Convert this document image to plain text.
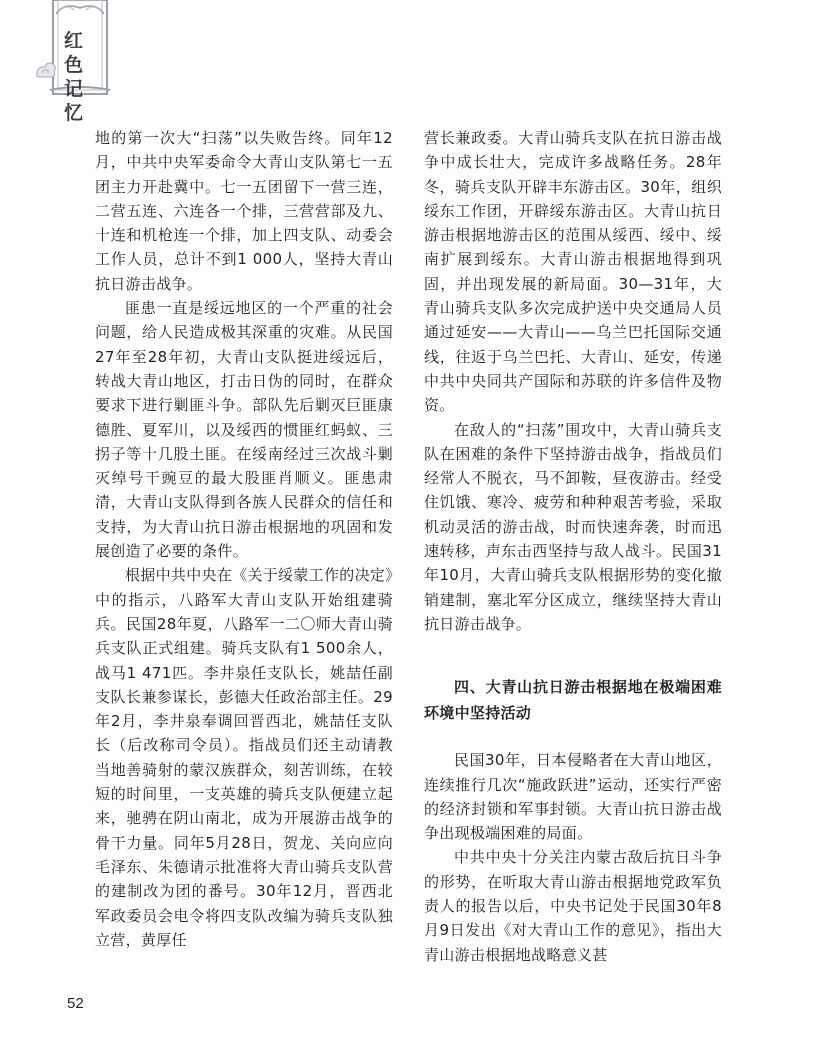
红色
记忆

地的第一次大“扫荡”以失败告终。同年12月，中共中央军委命令大青山支队第七一五团主力开赴冀中。七一五团留下一营三连，二营五连、六连各一个排，三营营部及九、十连和机枪连一个排，加上四支队、动委会工作人员，总计不到1 000人，坚持大青山抗日游击战争。

匪患一直是绥远地区的一个严重的社会问题，给人民造成极其深重的灾难。从民国27年至28年初，大青山支队挺进绥远后，转战大青山地区，打击日伪的同时，在群众要求下进行剿匪斗争。部队先后剿灭巨匪康德胜、夏军川，以及绥西的惯匪红蚂蚁、三拐子等十几股土匪。在绥南经过三次战斗剿灭绰号干豌豆的最大股匪肖顺义。匪患肃清，大青山支队得到各族人民群众的信任和支持，为大青山抗日游击根据地的巩固和发展创造了必要的条件。

根据中共中央在《关于绥蒙工作的决定》中的指示，八路军大青山支队开始组建骑兵。民国28年夏，八路军一二〇师大青山骑兵支队正式组建。骑兵支队有1 500余人，战马1 471匹。李井泉任支队长，姚喆任副支队长兼参谋长，彭德大任政治部主任。29年2月，李井泉奉调回晋西北，姚喆任支队长（后改称司令员）。指战员们还主动请教当地善骑射的蒙汉族群众，刻苦训练，在较短的时间里，一支英雄的骑兵支队便建立起来，驰骋在阴山南北，成为开展游击战争的骨干力量。同年5月28日，贺龙、关向应向毛泽东、朱德请示批准将大青山骑兵支队营的建制改为团的番号。30年12月，晋西北军政委员会电令将四支队改编为骑兵支队独立营，黄厚任

营长兼政委。大青山骑兵支队在抗日游击战争中成长壮大，完成许多战略任务。28年冬，骑兵支队开辟丰东游击区。30年，组织绥东工作团，开辟绥东游击区。大青山抗日游击根据地游击区的范围从绥西、绥中、绥南扩展到绥东。大青山游击根据地得到巩固，并出现发展的新局面。30—31年，大青山骑兵支队多次完成护送中央交通局人员通过延安——大青山——乌兰巴托国际交通线，往返于乌兰巴托、大青山、延安，传递中共中央同共产国际和苏联的许多信件及物资。

在敌人的“扫荡”围攻中，大青山骑兵支队在困难的条件下坚持游击战争，指战员们经常人不脱衣，马不卸鞍，昼夜游击。经受住饥饿、寒冷、疲劳和种种艰苦考验，采取机动灵活的游击战，时而快速奔袭，时而迅速转移，声东击西坚持与敌人战斗。民国31年10月，大青山骑兵支队根据形势的变化撤销建制，塞北军分区成立，继续坚持大青山抗日游击战争。

四、大青山抗日游击根据地在极端困难环境中坚持活动

民国30年，日本侵略者在大青山地区，连续推行几次“施政跃进”运动，还实行严密的经济封锁和军事封锁。大青山抗日游击战争出现极端困难的局面。

中共中央十分关注内蒙古敌后抗日斗争的形势，在听取大青山游击根据地党政军负责人的报告以后，中央书记处于民国30年8月9日发出《对大青山工作的意见》，指出大青山游击根据地战略意义甚

52
